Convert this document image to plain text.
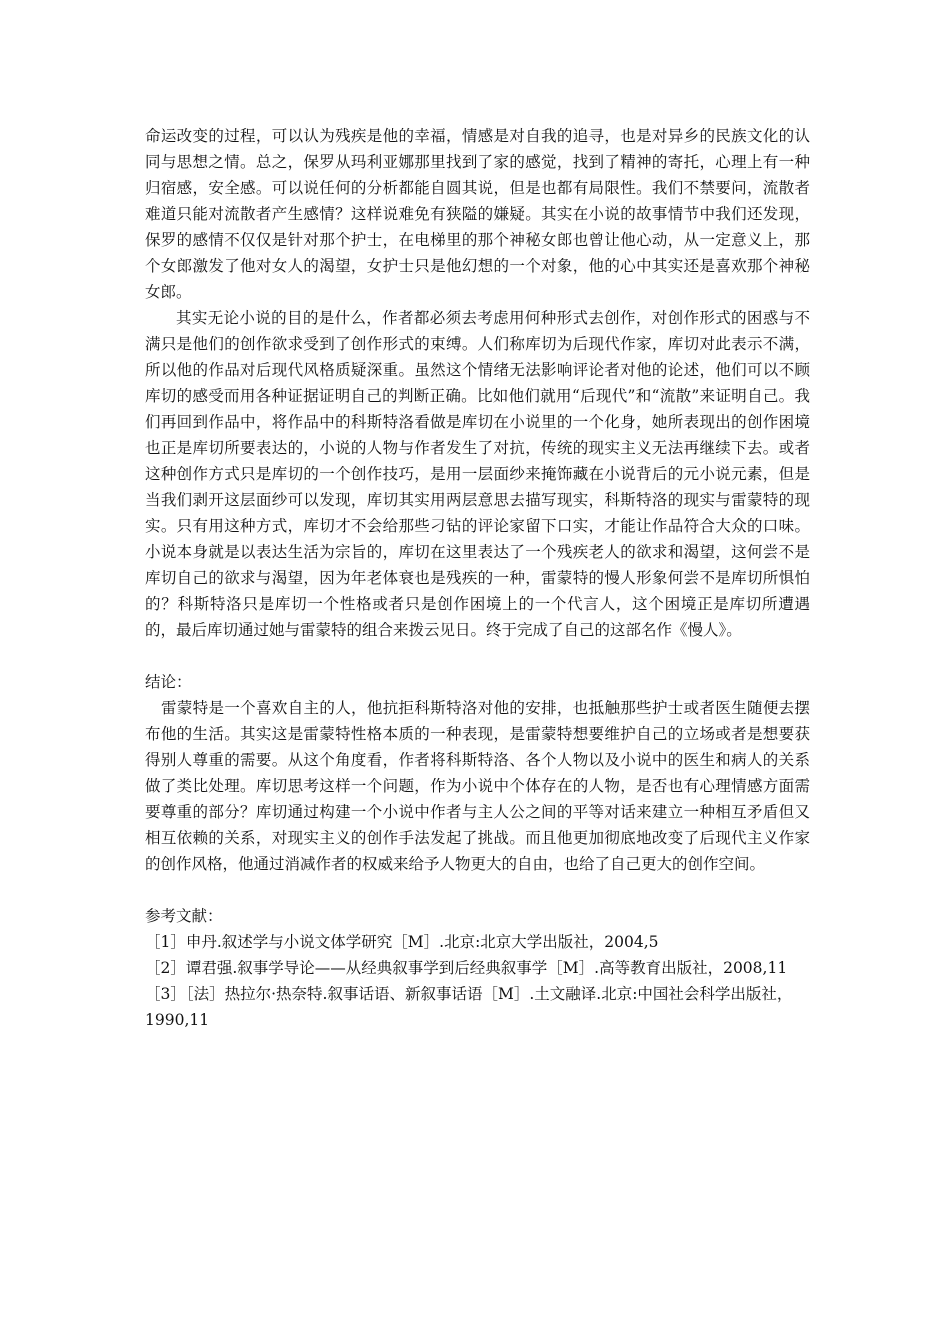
命运改变的过程，可以认为残疾是他的幸福，情感是对自我的追寻，也是对异乡的民族文化的认同与思想之情。总之，保罗从玛利亚娜那里找到了家的感觉，找到了精神的寄托，心理上有一种归宿感，安全感。可以说任何的分析都能自圆其说，但是也都有局限性。我们不禁要问，流散者难道只能对流散者产生感情？这样说难免有狭隘的嫌疑。其实在小说的故事情节中我们还发现，保罗的感情不仅仅是针对那个护士，在电梯里的那个神秘女郎也曾让他心动，从一定意义上，那个女郎激发了他对女人的渴望，女护士只是他幻想的一个对象，他的心中其实还是喜欢那个神秘女郎。

其实无论小说的目的是什么，作者都必须去考虑用何种形式去创作，对创作形式的困惑与不满只是他们的创作欲求受到了创作形式的束缚。人们称库切为后现代作家，库切对此表示不满，所以他的作品对后现代风格质疑深重。虽然这个情绪无法影响评论者对他的论述，他们可以不顾库切的感受而用各种证据证明自己的判断正确。比如他们就用“后现代”和“流散”来证明自己。我们再回到作品中，将作品中的科斯特洛看做是库切在小说里的一个化身，她所表现出的创作困境也正是库切所要表达的，小说的人物与作者发生了对抗，传统的现实主义无法再继续下去。或者这种创作方式只是库切的一个创作技巧，是用一层面纱来掩饰藏在小说背后的元小说元素，但是当我们剥开这层面纱可以发现，库切其实用两层意思去描写现实，科斯特洛的现实与雷蒙特的现实。只有用这种方式，库切才不会给那些刁钻的评论家留下口实，才能让作品符合大众的口味。小说本身就是以表达生活为宗旨的，库切在这里表达了一个残疾老人的欲求和渴望，这何尝不是库切自己的欲求与渴望，因为年老体衰也是残疾的一种，雷蒙特的慢人形象何尝不是库切所惧怕的？科斯特洛只是库切一个性格或者只是创作困境上的一个代言人，这个困境正是库切所遭遇的，最后库切通过她与雷蒙特的组合来拨云见日。终于完成了自己的这部名作《慢人》。

结论：

雷蒙特是一个喜欢自主的人，他抗拒科斯特洛对他的安排，也抵触那些护士或者医生随便去摆布他的生活。其实这是雷蒙特性格本质的一种表现，是雷蒙特想要维护自己的立场或者是想要获得别人尊重的需要。从这个角度看，作者将科斯特洛、各个人物以及小说中的医生和病人的关系做了类比处理。库切思考这样一个问题，作为小说中个体存在的人物，是否也有心理情感方面需要尊重的部分？库切通过构建一个小说中作者与主人公之间的平等对话来建立一种相互矛盾但又相互依赖的关系，对现实主义的创作手法发起了挑战。而且他更加彻底地改变了后现代主义作家的创作风格，他通过消减作者的权威来给予人物更大的自由，也给了自己更大的创作空间。

参考文献：

［1］申丹.叙述学与小说文体学研究［M］.北京:北京大学出版社，2004,5
［2］谭君强.叙事学导论——从经典叙事学到后经典叙事学［M］.高等教育出版社，2008,11
［3］［法］热拉尔·热奈特.叙事话语、新叙事话语［M］.土文融译.北京:中国社会科学出版社，1990,11
